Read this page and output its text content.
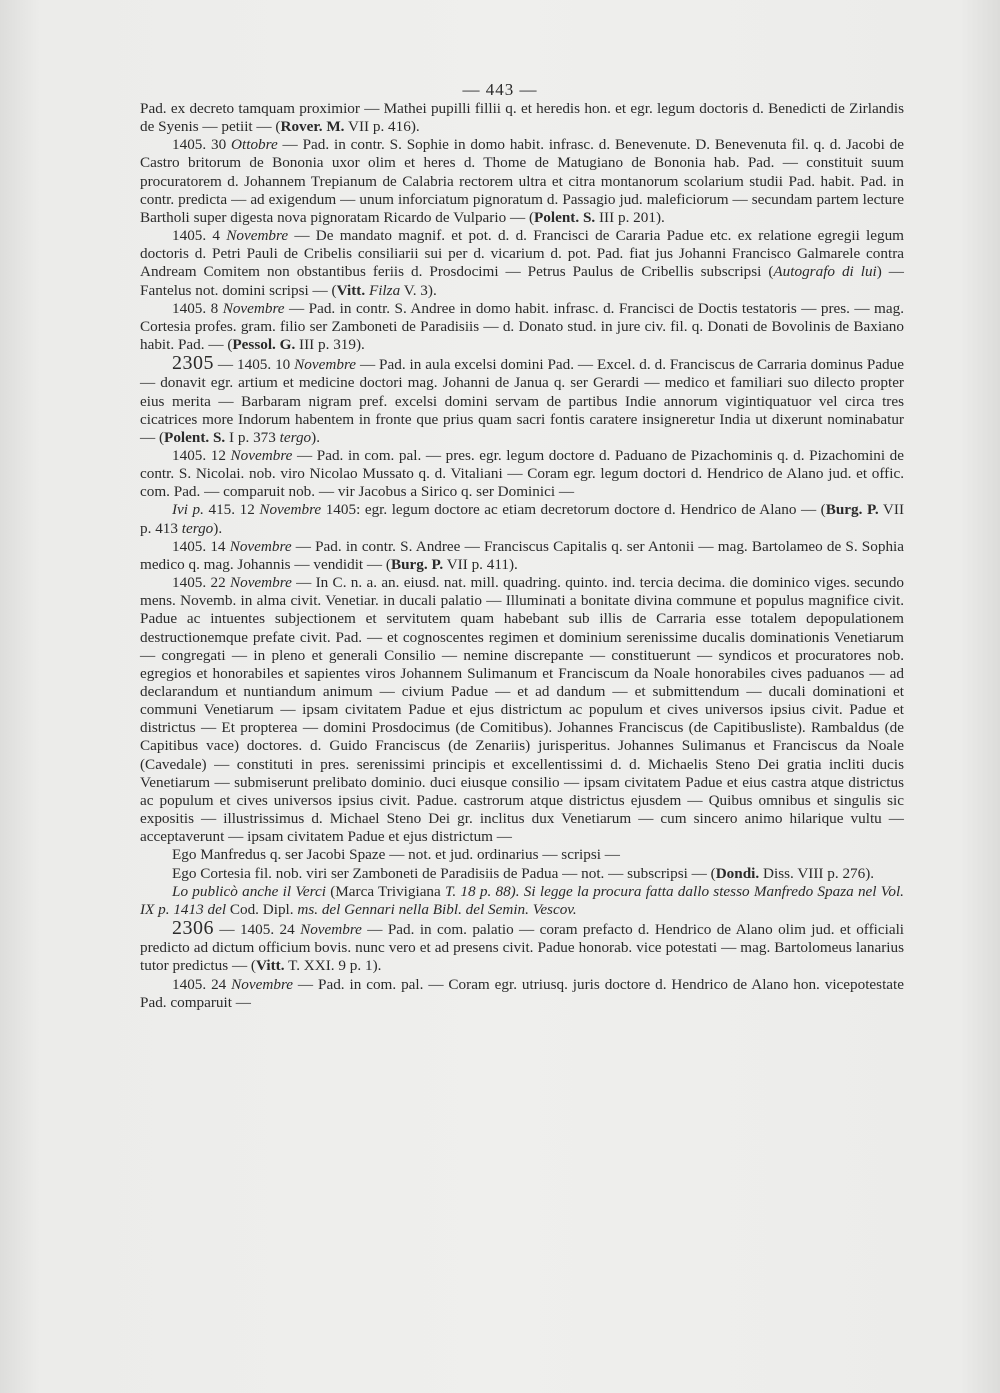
— 443 —

Pad. ex decreto tamquam proximior — Mathei pupilli fillii q. et heredis hon. et egr. legum doctoris d. Benedicti de Zirlandis de Syenis — petiit — (Rover. M. VII p. 416).

1405. 30 Ottobre — Pad. in contr. S. Sophie in domo habit. infrasc. d. Benevenute. D. Benevenuta fil. q. d. Jacobi de Castro britorum de Bononia uxor olim et heres d. Thome de Matugiano de Bononia hab. Pad. — constituit suum procuratorem d. Johannem Trepianum de Calabria rectorem ultra et citra montanorum scolarium studii Pad. habit. Pad. in contr. predicta — ad exigendum — unum inforciatum pignoratum d. Passagio jud. maleficiorum — secundam partem lecture Bartholi super digesta nova pignoratam Ricardo de Vulpario — (Polent. S. III p. 201).

1405. 4 Novembre — De mandato magnif. et pot. d. d. Francisci de Cararia Padue etc. ex relatione egregii legum doctoris d. Petri Pauli de Cribelis consiliarii sui per d. vicarium d. pot. Pad. fiat jus Johanni Francisco Galmarele contra Andream Comitem non obstantibus feriis d. Prosdocimi — Petrus Paulus de Cribellis subscripsi (Autografo di lui) — Fantelus not. domini scripsi — (Vitt. Filza V. 3).

1405. 8 Novembre — Pad. in contr. S. Andree in domo habit. infrasc. d. Francisci de Doctis testatoris — pres. — mag. Cortesia profes. gram. filio ser Zamboneti de Paradisiis — d. Donato stud. in jure civ. fil. q. Donati de Bovolinis de Baxiano habit. Pad. — (Pessol. G. III p. 319).

2305 — 1405. 10 Novembre — Pad. in aula excelsi domini Pad. — Excel. d. d. Franciscus de Carraria dominus Padue — donavit egr. artium et medicine doctori mag. Johanni de Janua q. ser Gerardi — medico et familiari suo dilecto propter eius merita — Barbaram nigram pref. excelsi domini servam de partibus Indie annorum vigintiquatuor vel circa tres cicatrices more Indorum habentem in fronte que prius quam sacri fontis caratere insigneretur India ut dixerunt nominabatur — (Polent. S. I p. 373 tergo).

1405. 12 Novembre — Pad. in com. pal. — pres. egr. legum doctore d. Paduano de Pizachominis q. d. Pizachomini de contr. S. Nicolai. nob. viro Nicolao Mussato q. d. Vitaliani — Coram egr. legum doctori d. Hendrico de Alano jud. et offic. com. Pad. — comparuit nob. — vir Jacobus a Sirico q. ser Dominici —

Ivi p. 415. 12 Novembre 1405: egr. legum doctore ac etiam decretorum doctore d. Hendrico de Alano — (Burg. P. VII p. 413 tergo).

1405. 14 Novembre — Pad. in contr. S. Andree — Franciscus Capitalis q. ser Antonii — mag. Bartolameo de S. Sophia medico q. mag. Johannis — vendidit — (Burg. P. VII p. 411).

1405. 22 Novembre — In C. n. a. an. eiusd. nat. mill. quadring. quinto. ind. tercia decima. die dominico viges. secundo mens. Novemb. in alma civit. Venetiar. in ducali palatio — Illuminati a bonitate divina commune et populus magnifice civit. Padue ac intuentes subjectionem et servitutem quam habebant sub illis de Carraria esse totalem depopulationem destructionemque prefate civit. Pad. — et cognoscentes regimen et dominium serenissime ducalis dominationis Venetiarum — congregati — in pleno et generali Consilio — nemine discrepante — constituerunt — syndicos et procuratores nob. egregios et honorabiles et sapientes viros Johannem Sulimanum et Franciscum da Noale honorabiles cives paduanos — ad declarandum et nuntiandum animum — civium Padue — et ad dandum — et submittendum — ducali dominationi et communi Venetiarum — ipsam civitatem Padue et ejus districtum ac populum et cives universos ipsius civit. Padue et districtus — Et propterea — domini Prosdocimus (de Comitibus). Johannes Franciscus (de Capitibusliste). Rambaldus (de Capitibus vace) doctores. d. Guido Franciscus (de Zenariis) jurisperitus. Johannes Sulimanus et Franciscus da Noale (Cavedale) — constituti in pres. serenissimi principis et excellentissimi d. d. Michaelis Steno Dei gratia incliti ducis Venetiarum — submiserunt prelibato dominio. duci eiusque consilio — ipsam civitatem Padue et eius castra atque districtus ac populum et cives universos ipsius civit. Padue. castrorum atque districtus ejusdem — Quibus omnibus et singulis sic expositis — illustrissimus d. Michael Steno Dei gr. inclitus dux Venetiarum — cum sincero animo hilarique vultu — acceptaverunt — ipsam civitatem Padue et ejus districtum —

Ego Manfredus q. ser Jacobi Spaze — not. et jud. ordinarius — scripsi —

Ego Cortesia fil. nob. viri ser Zamboneti de Paradisiis de Padua — not. — subscripsi — (Dondi. Diss. VIII p. 276).

Lo publicò anche il Verci (Marca Trivigiana T. 18 p. 88). Si legge la procura fatta dallo stesso Manfredo Spaza nel Vol. IX p. 1413 del Cod. Dipl. ms. del Gennari nella Bibl. del Semin. Vescov.

2306 — 1405. 24 Novembre — Pad. in com. palatio — coram prefacto d. Hendrico de Alano olim jud. et officiali predicto ad dictum officium bovis. nunc vero et ad presens civit. Padue honorab. vice potestati — mag. Bartolomeus lanarius tutor predictus — (Vitt. T. XXI. 9 p. 1).

1405. 24 Novembre — Pad. in com. pal. — Coram egr. utriusq. juris doctore d. Hendrico de Alano hon. vicepotestate Pad. comparuit —
